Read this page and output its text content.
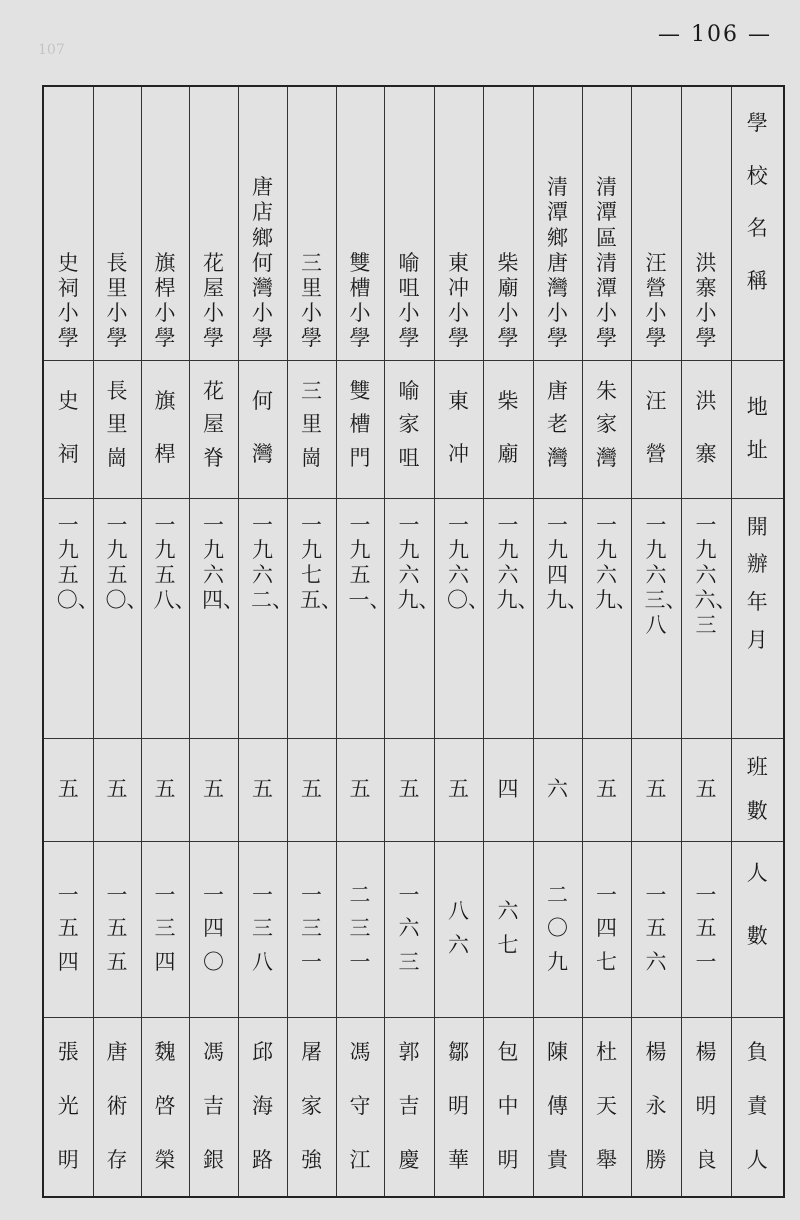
— 106 —
107
史祠小學	長里小學	旗桿小學	花屋小學	唐店鄉何灣小學	三里小學	雙槽小學	喻咀小學	東冲小學	柴廟小學	清潭鄉唐灣小學	清潭區清潭小學	汪營小學	洪寨小學	學校名稱
史祠	長里崗	旗桿	花屋脊	何灣	三里崗	雙槽門	喻家咀	東冲	柴廟	唐老灣	朱家灣	汪營	洪寨	地址
一九五〇、	一九五〇、	一九五八、	一九六四、	一九六二、	一九七五、	一九五一、	一九六九、	一九六〇、	一九六九、	一九四九、	一九六九、	一九六三、八	一九六六、三	開辦年月
五	五	五	五	五	五	五	五	五	四	六	五	五	五	班數
一五四	一五五	一三四	一四〇	一三八	一三一	二三一	一六三	八六	六七	二〇九	一四七	一五六	一五一	人數
張光明	唐術存	魏啓榮	馮吉銀	邱海路	屠家強	馮守江	郭吉慶	鄒明華	包中明	陳傳貴	杜天舉	楊永勝	楊明良	負責人
